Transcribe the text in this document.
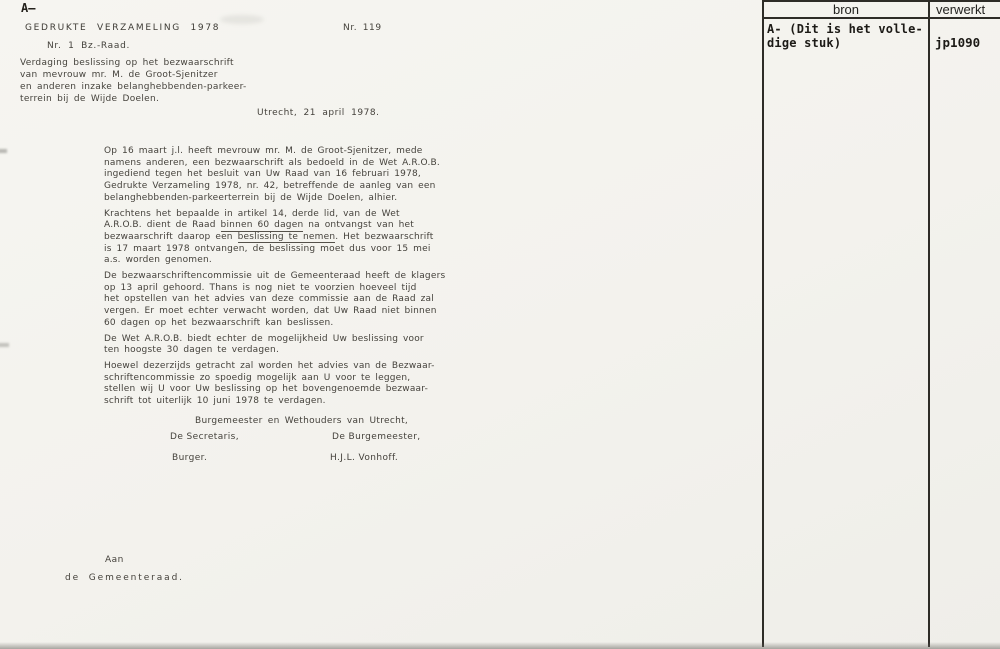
A—
GEDRUKTE VERZAMELING 1978	Nr. 119
Nr. 1 Bz.-Raad.
Verdaging beslissing op het bezwaarschrift
van mevrouw mr. M. de Groot-Sjenitzer
en anderen inzake belanghebbenden-parkeer-
terrein bij de Wijde Doelen.
Utrecht, 21 april 1978.
Op 16 maart j.l. heeft mevrouw mr. M. de Groot-Sjenitzer, mede
namens anderen, een bezwaarschrift als bedoeld in de Wet A.R.O.B.
ingediend tegen het besluit van Uw Raad van 16 februari 1978,
Gedrukte Verzameling 1978, nr. 42, betreffende de aanleg van een
belanghebbenden-parkeerterrein bij de Wijde Doelen, alhier.
Krachtens het bepaalde in artikel 14, derde lid, van de Wet
A.R.O.B. dient de Raad binnen 60 dagen na ontvangst van het
bezwaarschrift daarop een beslissing te nemen. Het bezwaarschrift
is 17 maart 1978 ontvangen, de beslissing moet dus voor 15 mei
a.s. worden genomen.
De bezwaarschriftencommissie uit de Gemeenteraad heeft de klagers
op 13 april gehoord. Thans is nog niet te voorzien hoeveel tijd
het opstellen van het advies van deze commissie aan de Raad zal
vergen. Er moet echter verwacht worden, dat Uw Raad niet binnen
60 dagen op het bezwaarschrift kan beslissen.
De Wet A.R.O.B. biedt echter de mogelijkheid Uw beslissing voor
ten hoogste 30 dagen te verdagen.
Hoewel dezerzijds getracht zal worden het advies van de Bezwaar-
schriftencommissie zo spoedig mogelijk aan U voor te leggen,
stellen wij U voor Uw beslissing op het bovengenoemde bezwaar-
schrift tot uiterlijk 10 juni 1978 te verdagen.
Burgemeester en Wethouders van Utrecht,
De Secretaris,	De Burgemeester,
Burger.	H.J.L. Vonhoff.
Aan
de Gemeenteraad.
bron	verwerkt
A- (Dit is het volle-
dige stuk)	jp1090
